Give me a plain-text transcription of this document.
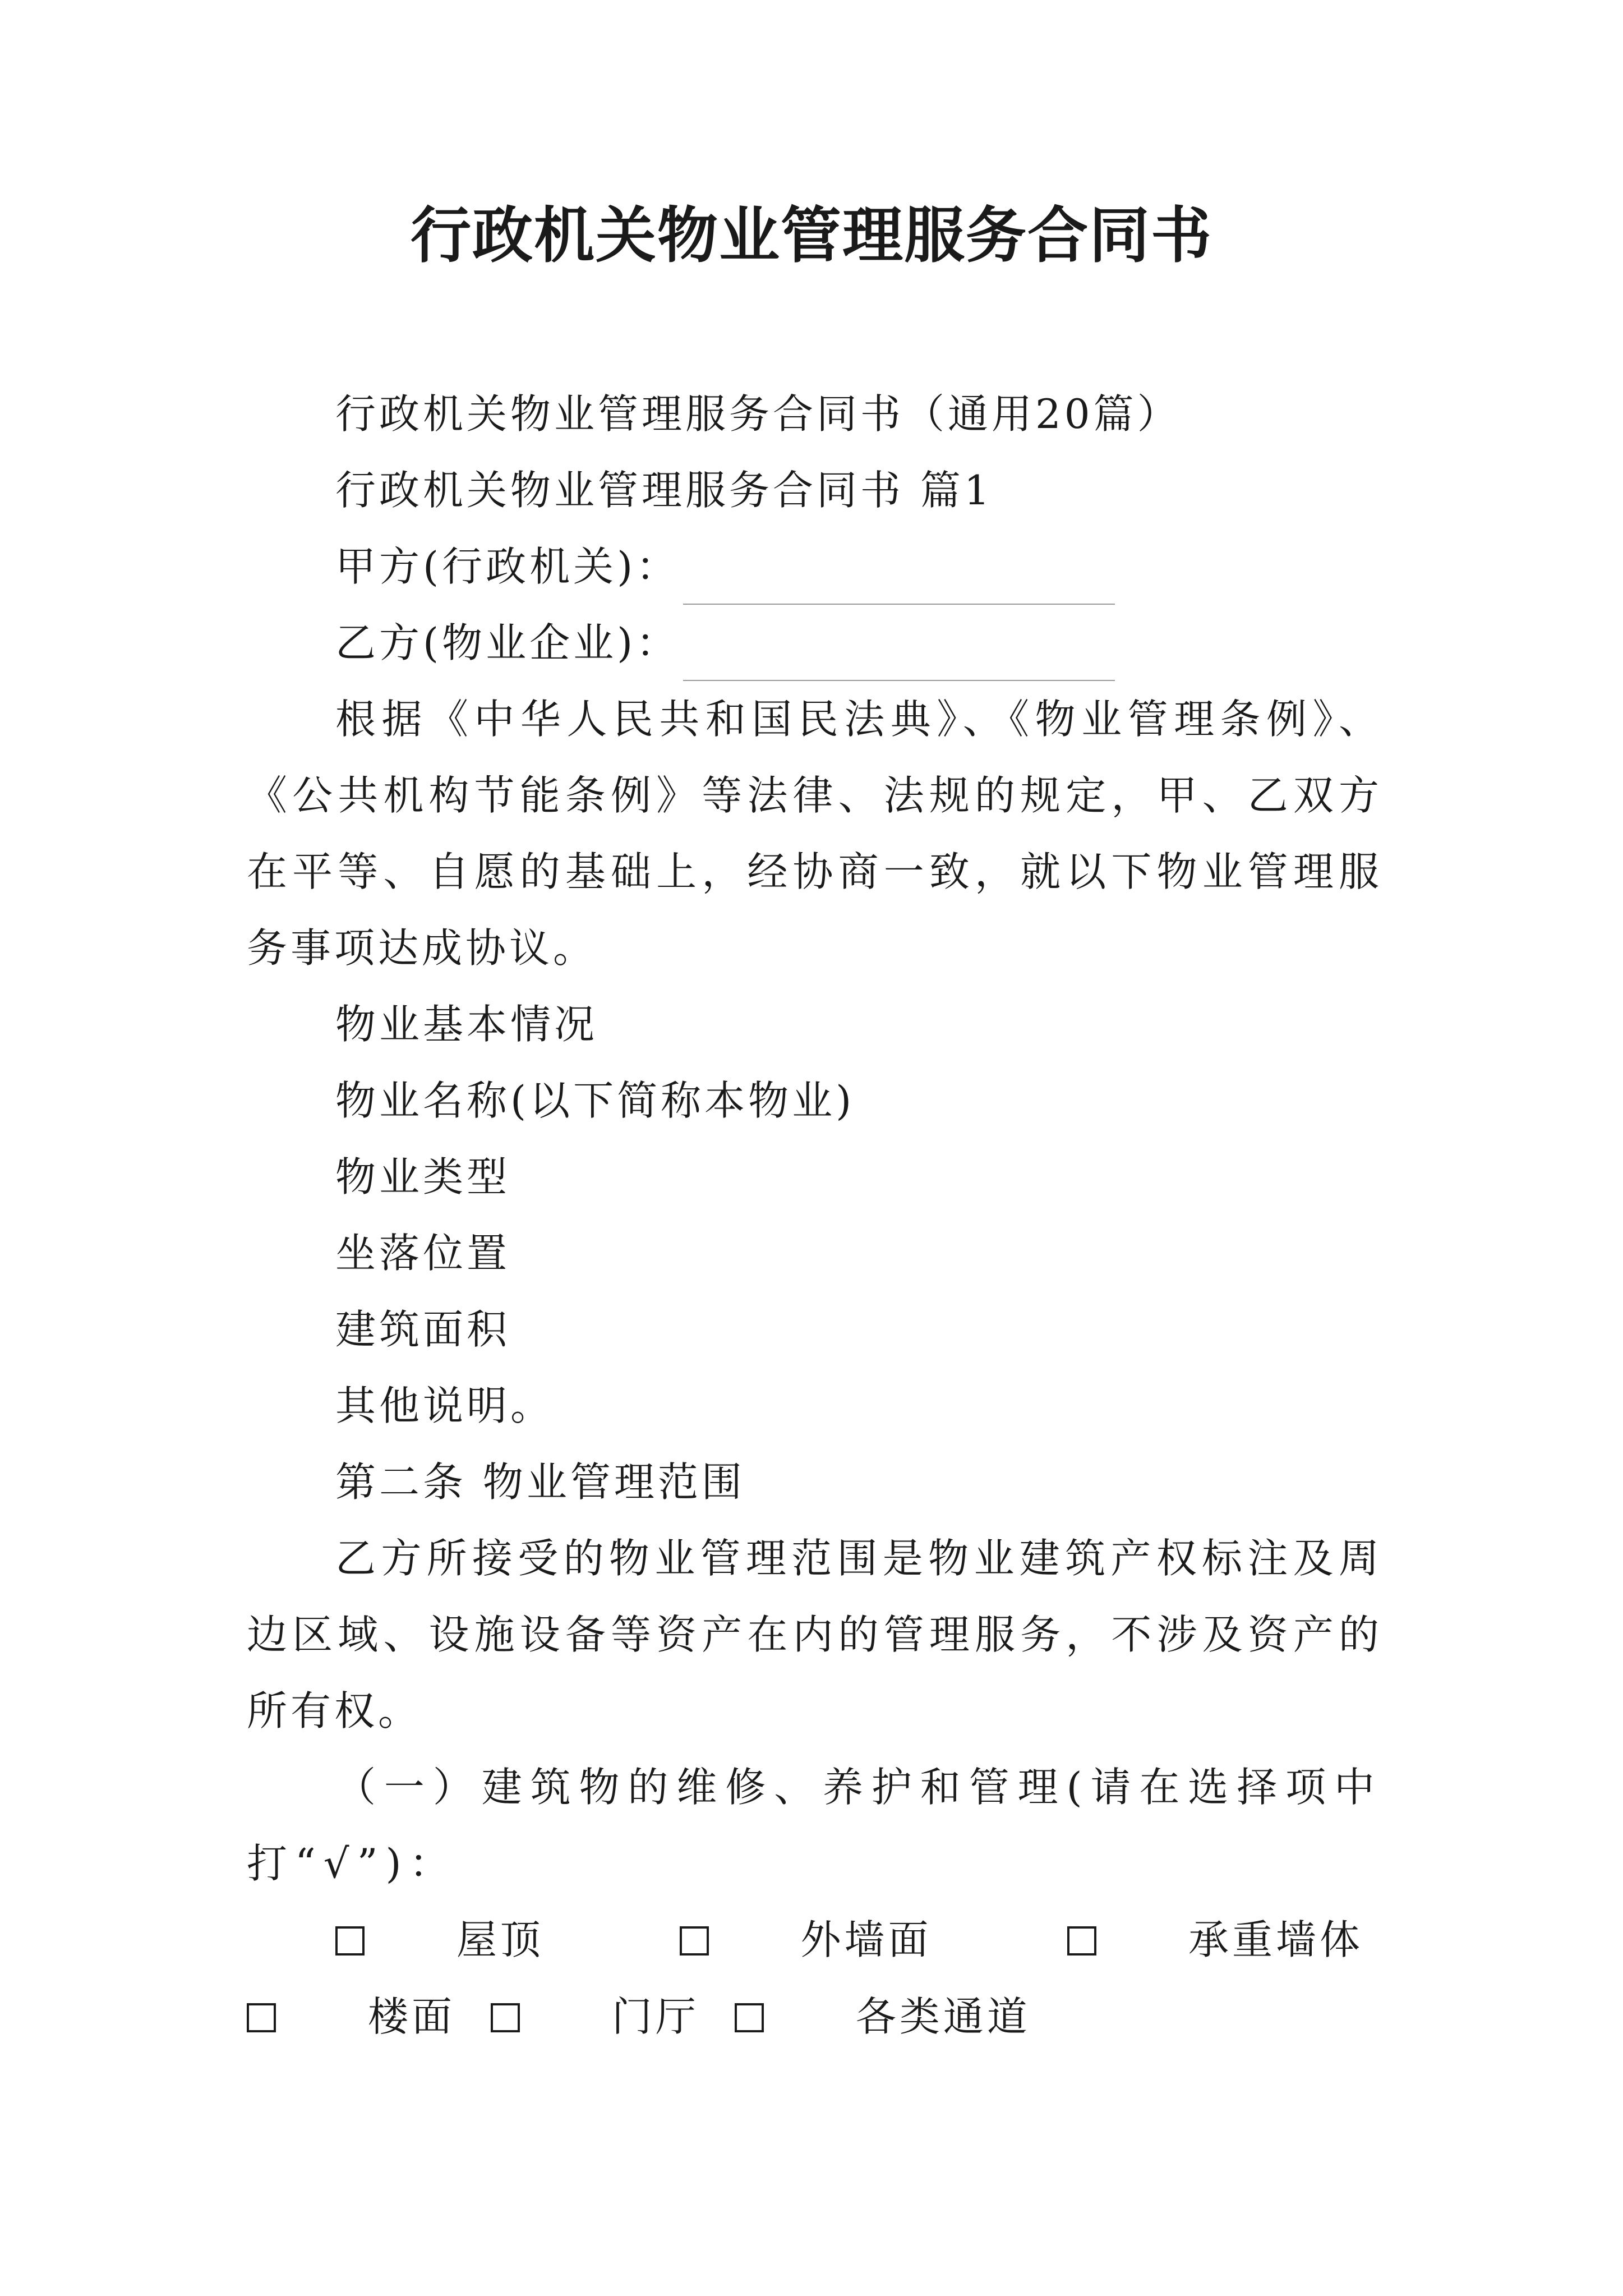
行政机关物业管理服务合同书

行政机关物业管理服务合同书（通用20篇）

行政机关物业管理服务合同书 篇1

甲方(行政机关)：

乙方(物业企业)：

根据《中华人民共和国民法典》、《物业管理条例》、《公共机构节能条例》等法律、法规的规定，甲、乙双方在平等、自愿的基础上，经协商一致，就以下物业管理服务事项达成协议。

物业基本情况

物业名称(以下简称本物业)

物业类型

坐落位置

建筑面积

其他说明。

第二条 物业管理范围

乙方所接受的物业管理范围是物业建筑产权标注及周边区域、设施设备等资产在内的管理服务，不涉及资产的所有权。

（一）建筑物的维修、养护和管理(请在选择项中打“√”)：

屋顶
	外墙面
	承重墙体

楼面
	门厅
	各类通道
